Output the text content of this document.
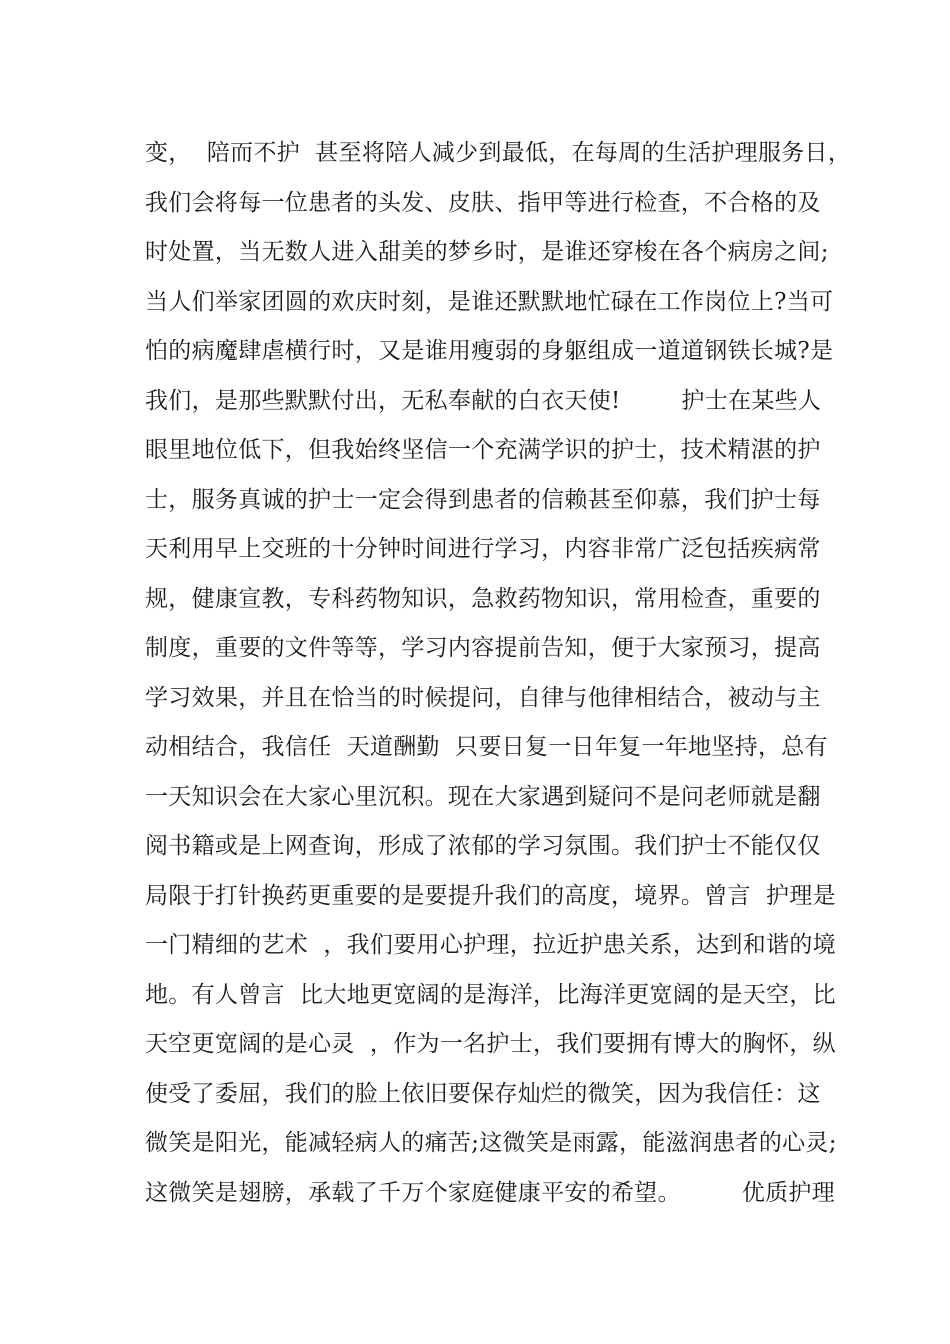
变，  陪而不护  甚至将陪人减少到最低，在每周的生活护理服务日，
我们会将每一位患者的头发、皮肤、指甲等进行检查，不合格的及
时处置，当无数人进入甜美的梦乡时，是谁还穿梭在各个病房之间;
当人们举家团圆的欢庆时刻，是谁还默默地忙碌在工作岗位上?当可
怕的病魔肆虐横行时，又是谁用瘦弱的身躯组成一道道钢铁长城?是
我们，是那些默默付出，无私奉献的白衣天使!        护士在某些人
眼里地位低下，但我始终坚信一个充满学识的护士，技术精湛的护
士，服务真诚的护士一定会得到患者的信赖甚至仰慕，我们护士每
天利用早上交班的十分钟时间进行学习，内容非常广泛包括疾病常
规，健康宣教，专科药物知识，急救药物知识，常用检查，重要的
制度，重要的文件等等，学习内容提前告知，便于大家预习，提高
学习效果，并且在恰当的时候提问，自律与他律相结合，被动与主
动相结合，我信任  天道酬勤  只要日复一日年复一年地坚持，总有
一天知识会在大家心里沉积。现在大家遇到疑问不是问老师就是翻
阅书籍或是上网查询，形成了浓郁的学习氛围。我们护士不能仅仅
局限于打针换药更重要的是要提升我们的高度，境界。曾言  护理是
一门精细的艺术  ，我们要用心护理，拉近护患关系，达到和谐的境
地。有人曾言  比大地更宽阔的是海洋，比海洋更宽阔的是天空，比
天空更宽阔的是心灵  ，作为一名护士，我们要拥有博大的胸怀，纵
使受了委屈，我们的脸上依旧要保存灿烂的微笑，因为我信任：这
微笑是阳光，能减轻病人的痛苦;这微笑是雨露，能滋润患者的心灵;
这微笑是翅膀，承载了千万个家庭健康平安的希望。        优质护理
